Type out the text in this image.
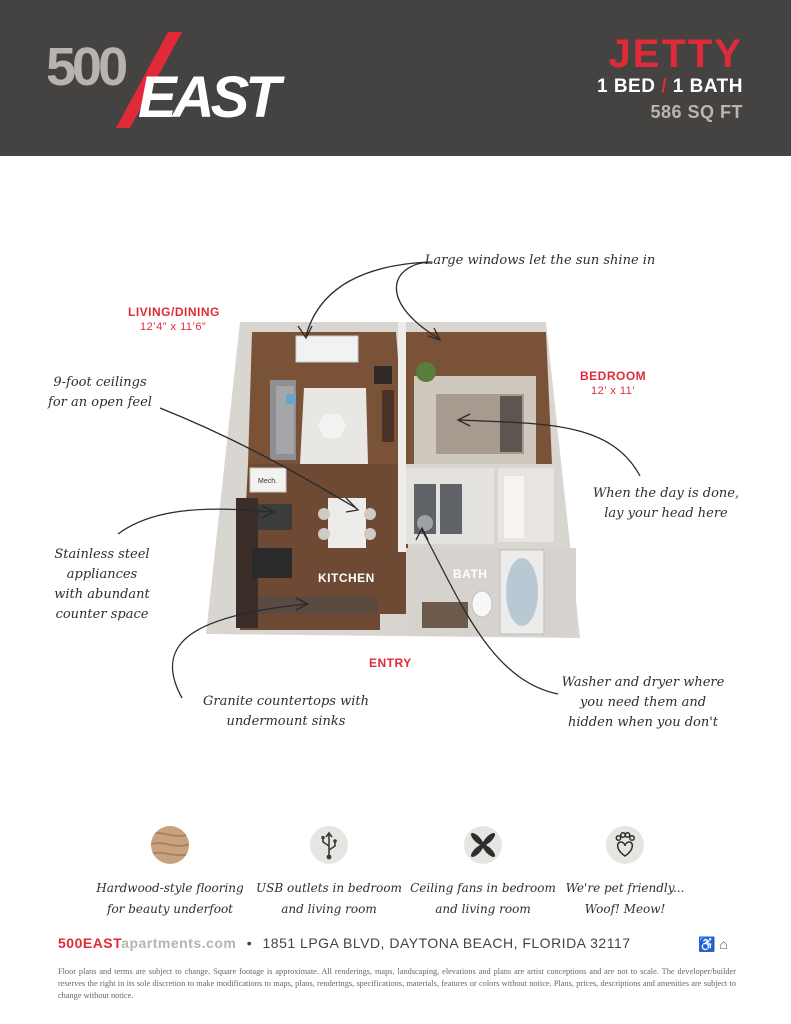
500 EAST
JETTY
1 BED / 1 BATH
586 SQ FT
LIVING/DINING
12’4” x 11’6”
BEDROOM
12’ x 11’
ENTRY
Mech.
KITCHEN	BATH
Large windows let the sun shine in
9-foot ceilings
for an open feel
Stainless steel
appliances
with abundant
counter space
Granite countertops with
undermount sinks
When the day is done,
lay your head here
Washer and dryer where
you need them and
hidden when you don't
Hardwood-style flooring
for beauty underfoot
USB outlets in bedroom
and living room
Ceiling fans in bedroom
and living room
We're pet friendly...
Woof! Meow!
500EASTapartments.com • 1851 LPGA BLVD, DAYTONA BEACH, FLORIDA 32117	♿ ⌂
Floor plans and terms are subject to change. Square footage is approximate. All renderings, maps, landscaping, elevations and plans are artist conceptions and are not to scale. The developer/builder reserves the right in its sole discretion to make modifications to maps, plans, renderings, specifications, materials, features or colors without notice. Plans, prices, descriptions and amenities are subject to change without notice.
